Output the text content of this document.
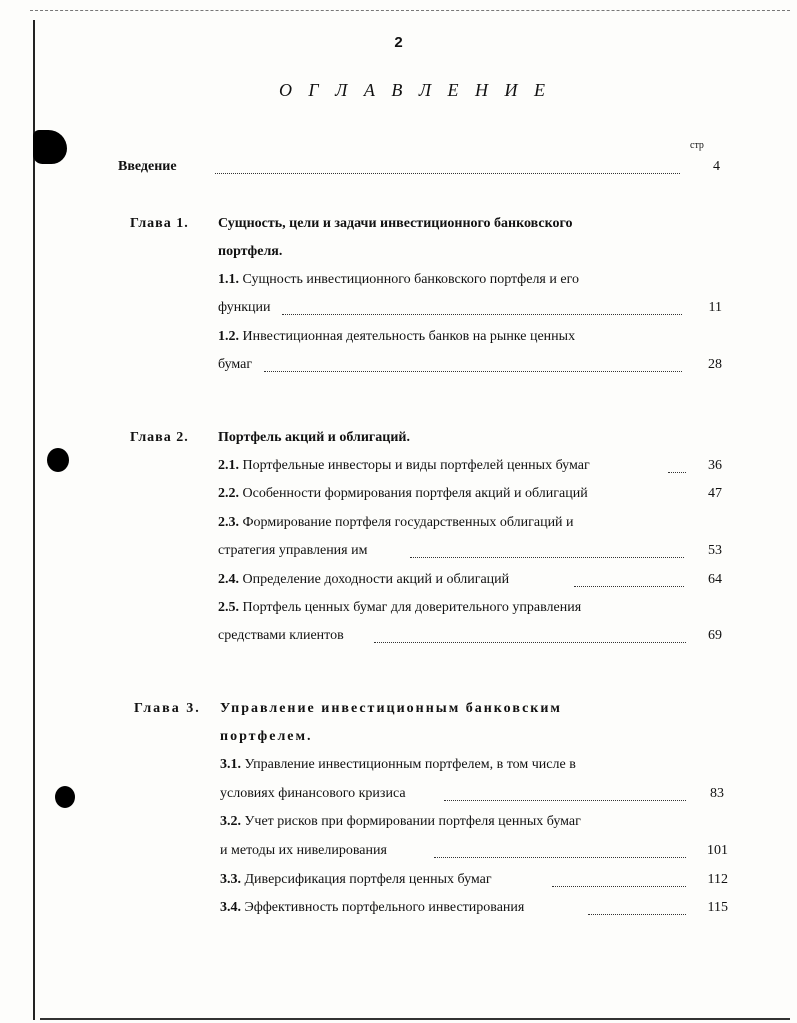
2
О Г Л А В Л Е Н И Е
стр
Введение	4
Глава 1. Сущность, цели и задачи инвестиционного банковского
портфеля.
1.1. Сущность инвестиционного банковского портфеля и его
функции	11
1.2. Инвестиционная деятельность банков на рынке ценных
бумаг	28
Глава 2. Портфель акций и облигаций.
2.1. Портфельные инвесторы и виды портфелей ценных бумаг	36
2.2. Особенности формирования портфеля акций и облигаций	47
2.3. Формирование портфеля государственных облигаций и
стратегия управления им	53
2.4. Определение доходности акций и облигаций	64
2.5. Портфель ценных бумаг для доверительного управления
средствами клиентов	69
Глава 3. Управление инвестиционным банковским
портфелем.
3.1. Управление инвестиционным портфелем, в том числе в
условиях финансового кризиса	83
3.2. Учет рисков при формировании портфеля ценных бумаг
и методы их нивелирования	101
3.3. Диверсификация портфеля ценных бумаг	112
3.4. Эффективность портфельного инвестирования	115
